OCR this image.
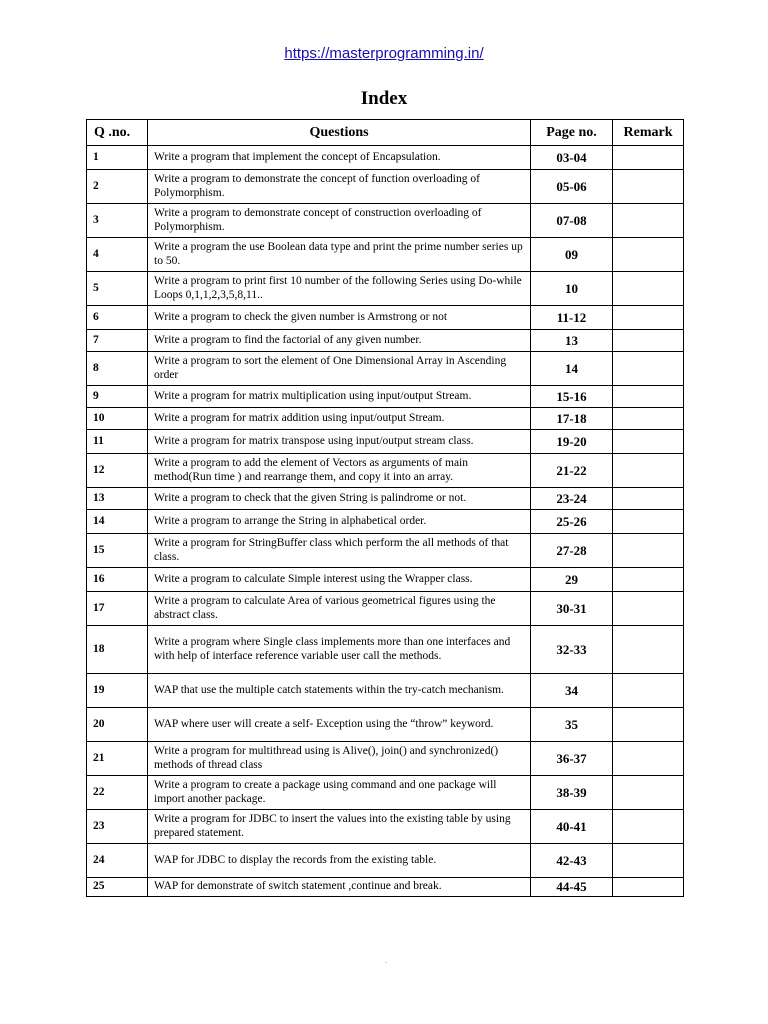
https://masterprogramming.in/
Index
Q .no.	Questions	Page no.	Remark
1	Write a program that implement the concept of Encapsulation.	03-04	
2	Write a program to demonstrate the concept of function overloading of Polymorphism.	05-06	
3	Write a program to demonstrate concept of construction overloading of Polymorphism.	07-08	
4	Write a program the use Boolean data type and print the prime number series up to 50.	09	
5	Write a program to print first 10 number of the following Series using Do-while Loops 0,1,1,2,3,5,8,11..	10	
6	Write a program to check the given number is Armstrong or not	11-12	
7	Write a program to find the factorial of any given number.	13	
8	Write a program to sort the element of One Dimensional Array in Ascending order	14	
9	Write a program for matrix multiplication using input/output Stream.	15-16	
10	Write a program for matrix addition using input/output Stream.	17-18	
11	Write a program for matrix transpose using input/output stream class.	19-20	
12	Write a program to add the element of Vectors as arguments of main method(Run time ) and rearrange them, and copy it into an array.	21-22	
13	Write a program to check that the given String is palindrome or not.	23-24	
14	Write a program to arrange the String in alphabetical order.	25-26	
15	Write a program for StringBuffer class which perform the all methods of that class.	27-28	
16	Write a program to calculate Simple interest using the Wrapper class.	29	
17	Write a program to calculate Area of various geometrical figures using the abstract class.	30-31	
18	Write a program where Single class implements more than one interfaces and with help of interface reference variable user call the methods.	32-33	
19	WAP that use the multiple catch statements within the try-catch mechanism.	34	
20	WAP where user will create a self- Exception using the “throw” keyword.	35	
21	Write a program for multithread using is Alive(), join() and synchronized() methods of thread class	36-37	
22	Write a program to create a package using command and one package will import another package.	38-39	
23	Write a program for JDBC to insert the values into the existing table by using prepared statement.	40-41	
24	WAP for JDBC to display the records from the existing table.	42-43	
25	WAP for demonstrate of switch statement ,continue and break.	44-45	
.
